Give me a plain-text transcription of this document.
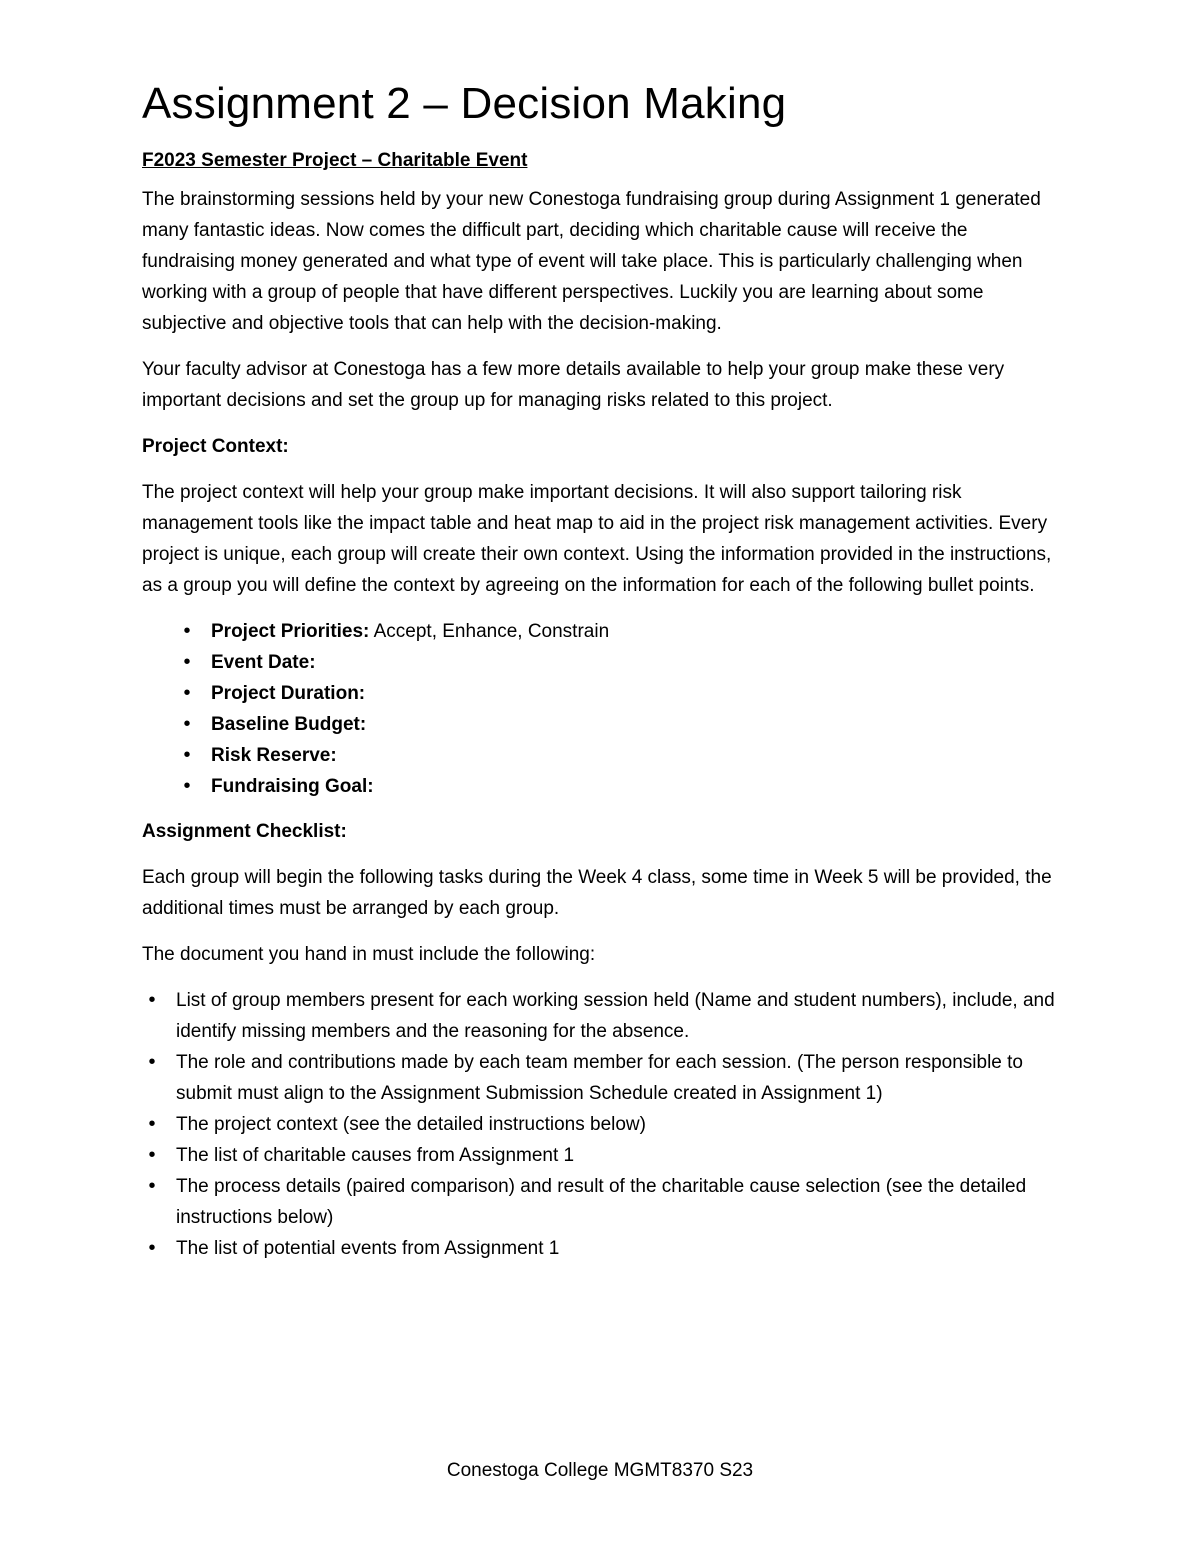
Assignment 2 – Decision Making
F2023 Semester Project – Charitable Event

The brainstorming sessions held by your new Conestoga fundraising group during Assignment 1 generated many fantastic ideas. Now comes the difficult part, deciding which charitable cause will receive the fundraising money generated and what type of event will take place. This is particularly challenging when working with a group of people that have different perspectives. Luckily you are learning about some subjective and objective tools that can help with the decision-making.

Your faculty advisor at Conestoga has a few more details available to help your group make these very important decisions and set the group up for managing risks related to this project.

Project Context:

The project context will help your group make important decisions. It will also support tailoring risk management tools like the impact table and heat map to aid in the project risk management activities. Every project is unique, each group will create their own context. Using the information provided in the instructions, as a group you will define the context by agreeing on the information for each of the following bullet points.

•	Project Priorities: Accept, Enhance, Constrain
•	Event Date:
•	Project Duration:
•	Baseline Budget:
•	Risk Reserve:
•	Fundraising Goal:
Assignment Checklist:

Each group will begin the following tasks during the Week 4 class, some time in Week 5 will be provided, the additional times must be arranged by each group.

The document you hand in must include the following:

•	List of group members present for each working session held (Name and student numbers), include, and identify missing members and the reasoning for the absence.
•	The role and contributions made by each team member for each session. (The person responsible to submit must align to the Assignment Submission Schedule created in Assignment 1)
•	The project context (see the detailed instructions below)
•	The list of charitable causes from Assignment 1
•	The process details (paired comparison) and result of the charitable cause selection (see the detailed instructions below)
•	The list of potential events from Assignment 1
Conestoga College MGMT8370 S23
